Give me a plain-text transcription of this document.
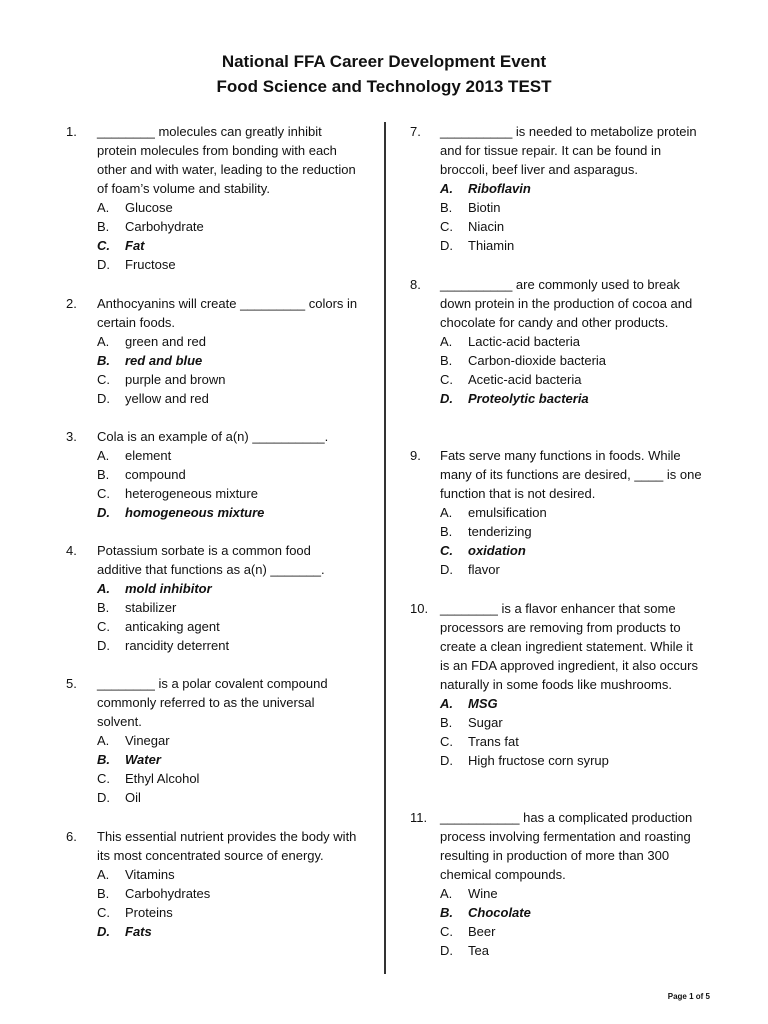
National FFA Career Development Event
Food Science and Technology 2013 TEST
1. ________ molecules can greatly inhibit protein molecules from bonding with each other and with water, leading to the reduction of foam’s volume and stability.
A. Glucose
B. Carbohydrate
C. Fat
D. Fructose
2. Anthocyanins will create _________ colors in certain foods.
A. green and red
B. red and blue
C. purple and brown
D. yellow and red
3. Cola is an example of a(n) __________.
A. element
B. compound
C. heterogeneous mixture
D. homogeneous mixture
4. Potassium sorbate is a common food additive that functions as a(n) _______.
A. mold inhibitor
B. stabilizer
C. anticaking agent
D. rancidity deterrent
5. ________ is a polar covalent compound commonly referred to as the universal solvent.
A. Vinegar
B. Water
C. Ethyl Alcohol
D. Oil
6. This essential nutrient provides the body with its most concentrated source of energy.
A. Vitamins
B. Carbohydrates
C. Proteins
D. Fats
7. __________ is needed to metabolize protein and for tissue repair. It can be found in broccoli, beef liver and asparagus.
A. Riboflavin
B. Biotin
C. Niacin
D. Thiamin
8. __________ are commonly used to break down protein in the production of cocoa and chocolate for candy and other products.
A. Lactic-acid bacteria
B. Carbon-dioxide bacteria
C. Acetic-acid bacteria
D. Proteolytic bacteria
9. Fats serve many functions in foods. While many of its functions are desired, ____ is one function that is not desired.
A. emulsification
B. tenderizing
C. oxidation
D. flavor
10. ________ is a flavor enhancer that some processors are removing from products to create a clean ingredient statement. While it is an FDA approved ingredient, it also occurs naturally in some foods like mushrooms.
A. MSG
B. Sugar
C. Trans fat
D. High fructose corn syrup
11. ___________ has a complicated production process involving fermentation and roasting resulting in production of more than 300 chemical compounds.
A. Wine
B. Chocolate
C. Beer
D. Tea
Page 1 of 5
